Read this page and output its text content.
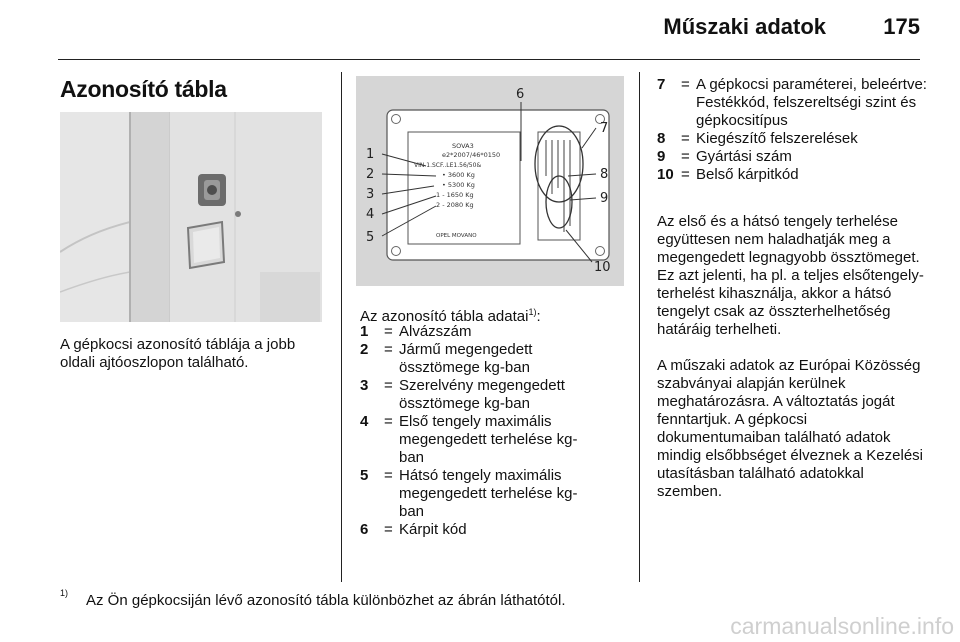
Műszaki adatok	175
Azonosító tábla
A gépkocsi azonosító táblája a jobb oldali ajtóoszlopon található.
SOVA3
e2*2007/46*0150
VIN 1.SCF..LE1.56/50&
• 3600 Kg
• 5300 Kg
1 - 1650 Kg
2 - 2080 Kg
OPEL MOVANO
1
2
3
4
5
6
7
8
9
10
Az azonosító tábla adatai$^{1)}$:
1	= Alvázszám
2	= Jármű megengedett össztömege kg-ban
3	= Szerelvény megengedett össztömege kg-ban
4	= Első tengely maximális megengedett terhelése kg-ban
5	= Hátsó tengely maximális megengedett terhelése kg-ban
6	= Kárpit kód
7	= A gépkocsi paraméterei, beleértve: Festékkód, felszereltségi szint és gépkocsitípus
8	= Kiegészítő felszerelések
9	= Gyártási szám
10 = Belső kárpitkód
Az első és a hátsó tengely terhelése együttesen nem haladhatják meg a megengedett legnagyobb össztömeget. Ez azt jelenti, ha pl. a teljes elsőtengely-terhelést kihasználja, akkor a hátsó tengelyt csak az összterhelhetőség határáig terhelheti.
A műszaki adatok az Európai Közösség szabványai alapján kerülnek meghatározásra. A változtatás jogát fenntartjuk. A gépkocsi dokumentumaiban található adatok mindig elsőbbséget élveznek a Kezelési utasításban található adatokkal szemben.
1) Az Ön gépkocsiján lévő azonosító tábla különbözhet az ábrán láthatótól.
carmanualsonline.info
